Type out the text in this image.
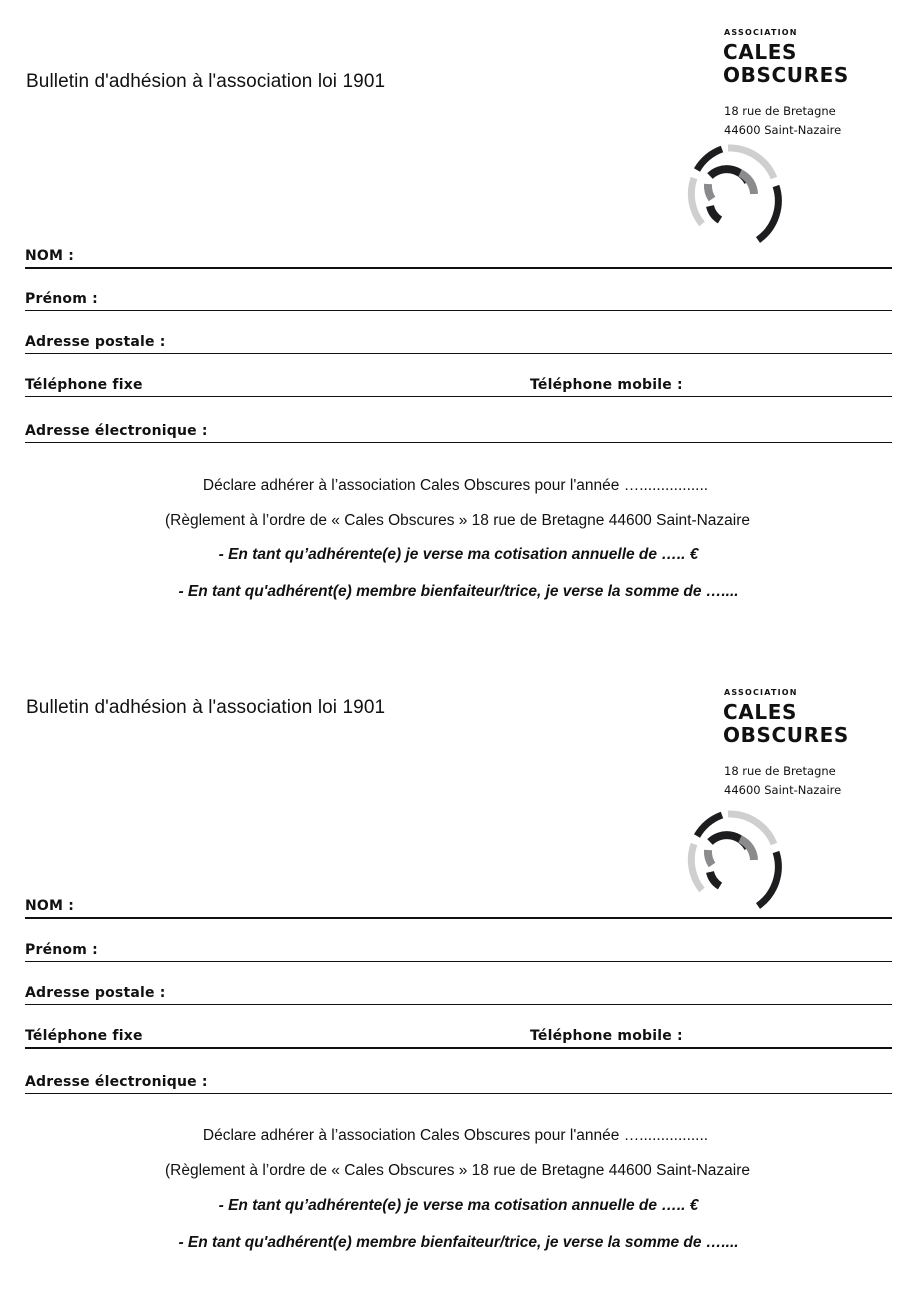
Bulletin d'adhésion à l'association loi 1901
ASSOCIATION
CALES
OBSCURES
18 rue de Bretagne
44600 Saint-Nazaire
NOM :
Prénom :
Adresse postale :
Téléphone fixe	Téléphone mobile :
Adresse électronique :

Déclare adhérer à l’association Cales Obscures pour l'année …................

(Règlement à l’ordre de « Cales Obscures » 18 rue de Bretagne 44600 Saint-Nazaire

- En tant qu’adhérente(e) je verse ma cotisation annuelle de ….. €

- En tant qu'adhérent(e) membre bienfaiteur/trice, je verse la somme de …....

Bulletin d'adhésion à l'association loi 1901
ASSOCIATION
CALES
OBSCURES
18 rue de Bretagne
44600 Saint-Nazaire
NOM :
Prénom :
Adresse postale :
Téléphone fixe	Téléphone mobile :
Adresse électronique :

Déclare adhérer à l’association Cales Obscures pour l'année …................

(Règlement à l’ordre de « Cales Obscures » 18 rue de Bretagne 44600 Saint-Nazaire

- En tant qu’adhérente(e) je verse ma cotisation annuelle de ….. €

- En tant qu'adhérent(e) membre bienfaiteur/trice, je verse la somme de …....
